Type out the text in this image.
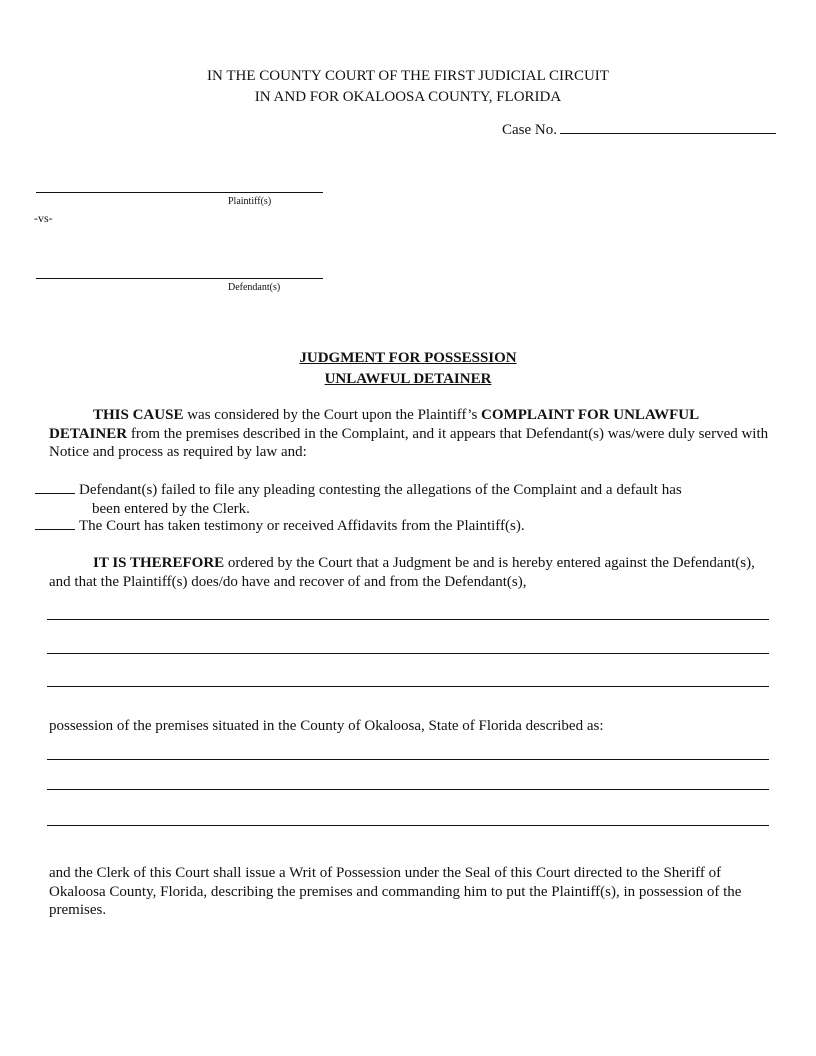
IN THE COUNTY COURT OF THE FIRST JUDICIAL CIRCUIT
IN AND FOR OKALOOSA COUNTY, FLORIDA
Case No.
Plaintiff(s)
-vs-
Defendant(s)
JUDGMENT FOR POSSESSION
UNLAWFUL DETAINER
THIS CAUSE was considered by the Court upon the Plaintiff’s COMPLAINT FOR UNLAWFUL DETAINER from the premises described in the Complaint, and it appears that Defendant(s) was/were duly served with Notice and process as required by law and:
Defendant(s) failed to file any pleading contesting the allegations of the Complaint and a default has
been entered by the Clerk.
The Court has taken testimony or received Affidavits from the Plaintiff(s).
IT IS THEREFORE ordered by the Court that a Judgment be and is hereby entered against the Defendant(s), and that the Plaintiff(s) does/do have and recover of and from the Defendant(s),
possession of the premises situated in the County of Okaloosa, State of Florida described as:
and the Clerk of this Court shall issue a Writ of Possession under the Seal of this Court directed to the Sheriff of Okaloosa County, Florida, describing the premises and commanding him to put the Plaintiff(s), in possession of the premises.
